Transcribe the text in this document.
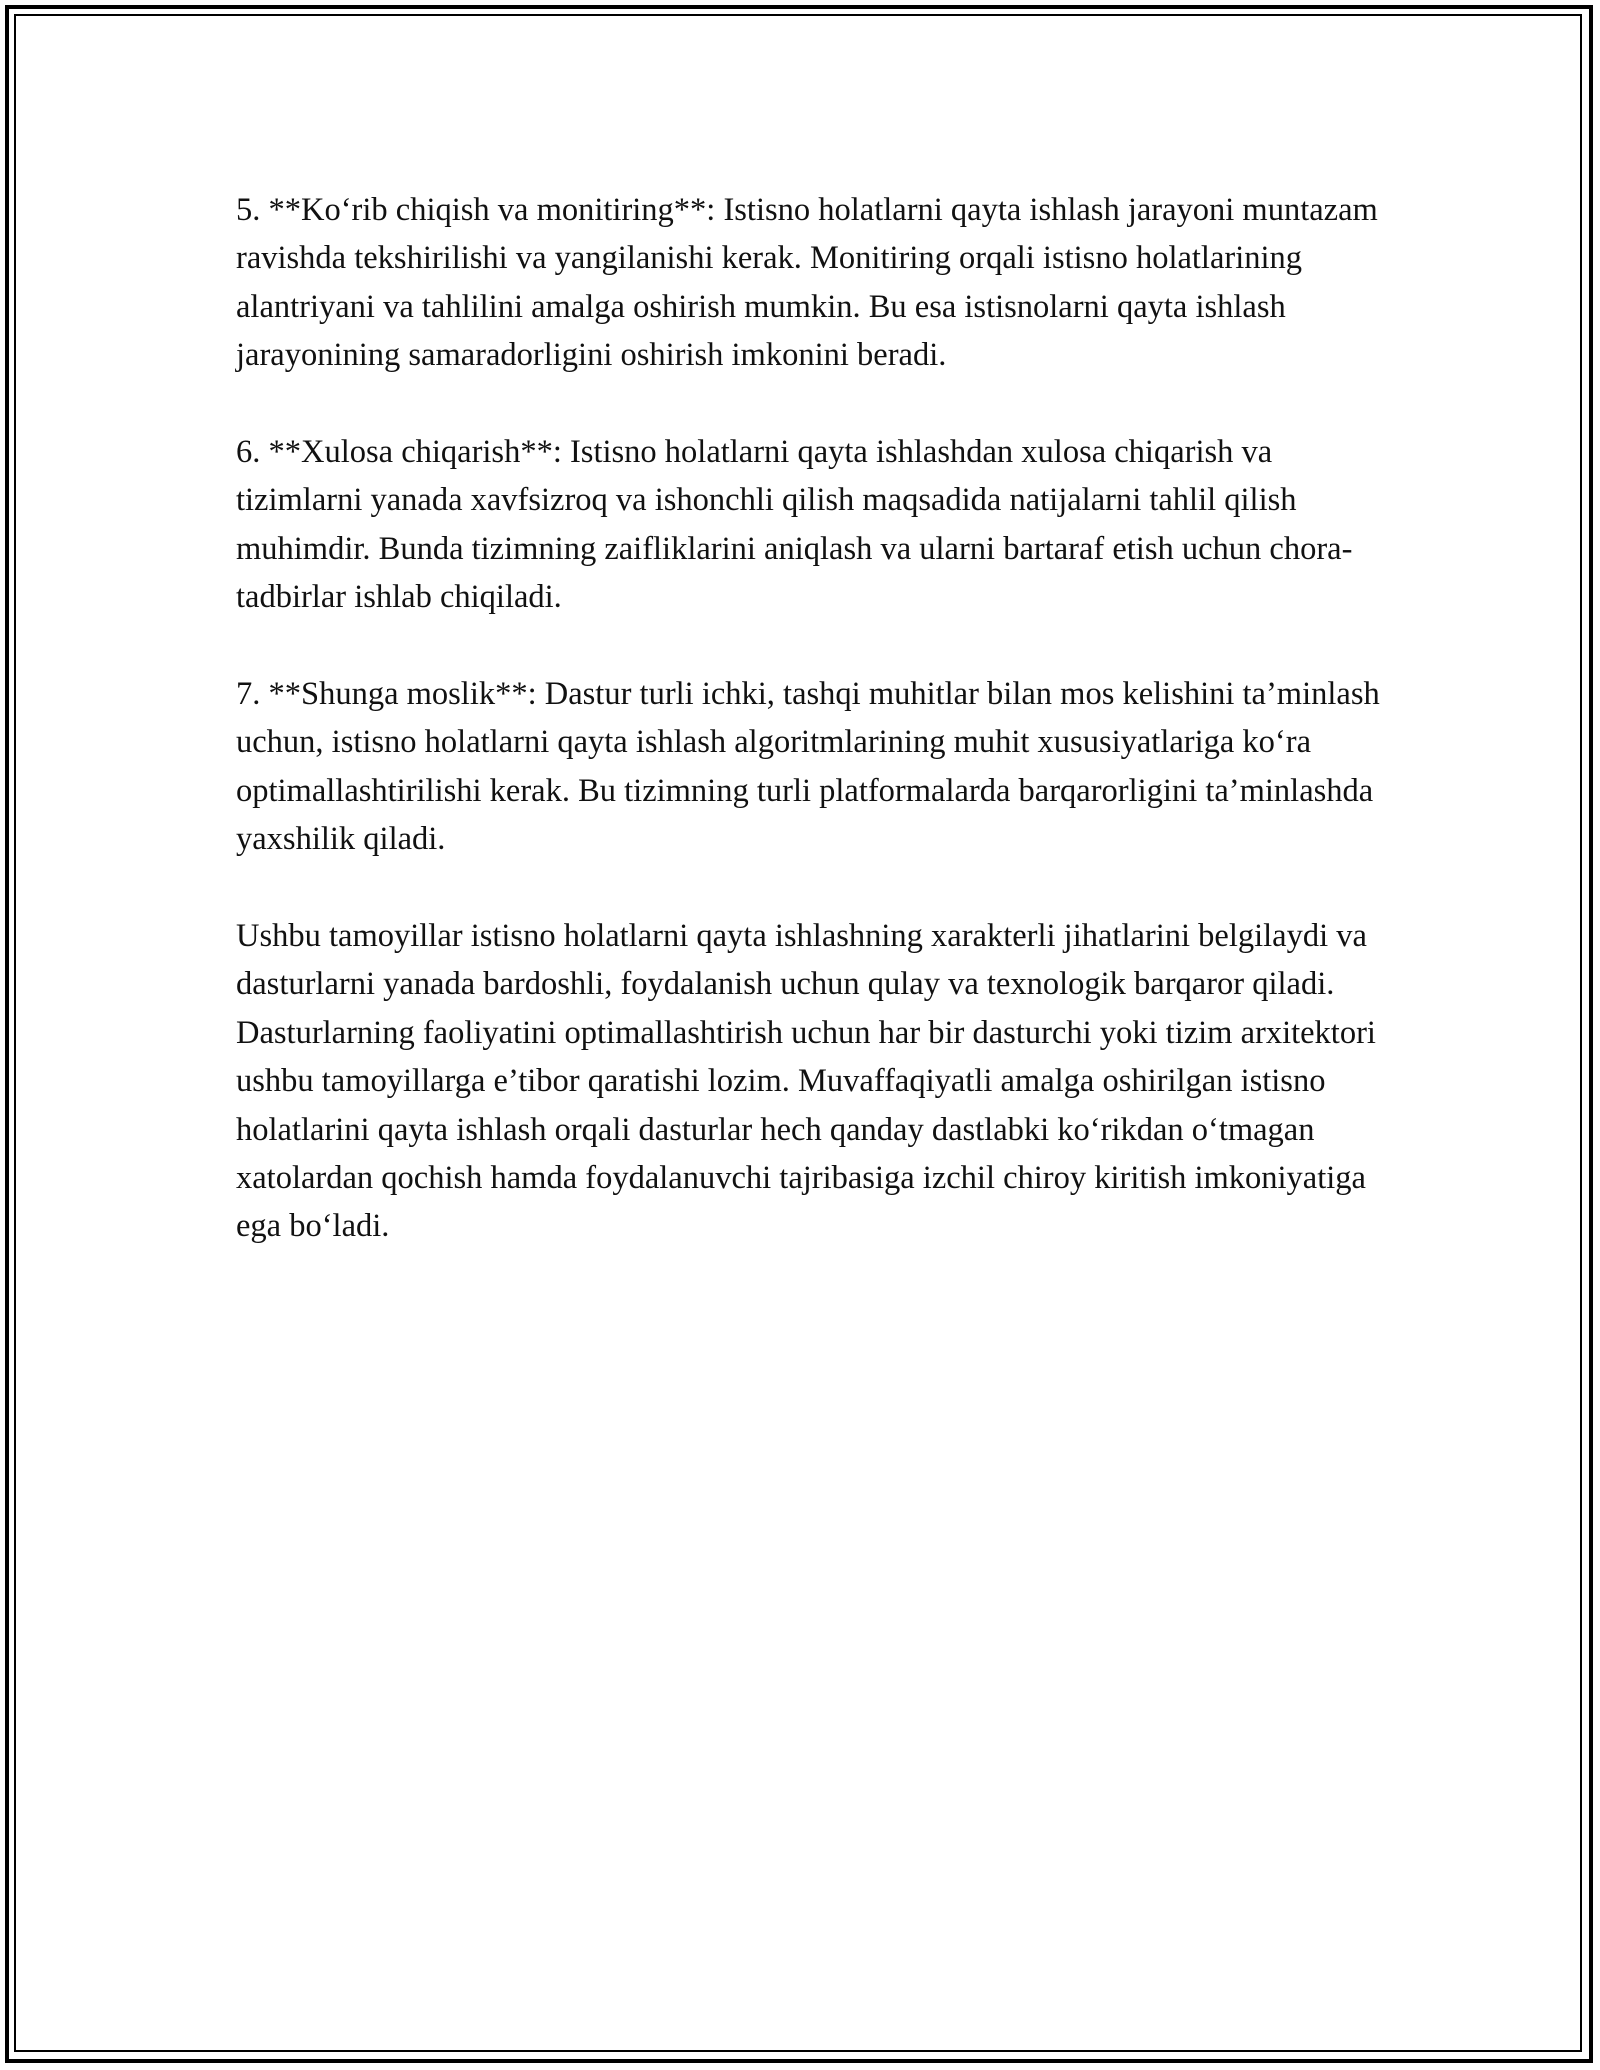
5. **Ko‘rib chiqish va monitiring**: Istisno holatlarni qayta ishlash jarayoni muntazam ravishda tekshirilishi va yangilanishi kerak. Monitiring orqali istisno holatlarining alantriyani va tahlilini amalga oshirish mumkin. Bu esa istisnolarni qayta ishlash jarayonining samaradorligini oshirish imkonini beradi.

6. **Xulosa chiqarish**: Istisno holatlarni qayta ishlashdan xulosa chiqarish va tizimlarni yanada xavfsizroq va ishonchli qilish maqsadida natijalarni tahlil qilish muhimdir. Bunda tizimning zaifliklarini aniqlash va ularni bartaraf etish uchun chora-tadbirlar ishlab chiqiladi.

7. **Shunga moslik**: Dastur turli ichki, tashqi muhitlar bilan mos kelishini ta’minlash uchun, istisno holatlarni qayta ishlash algoritmlarining muhit xususiyatlariga ko‘ra optimallashtirilishi kerak. Bu tizimning turli platformalarda barqarorligini ta’minlashda yaxshilik qiladi.

Ushbu tamoyillar istisno holatlarni qayta ishlashning xarakterli jihatlarini belgilaydi va dasturlarni yanada bardoshli, foydalanish uchun qulay va texnologik barqaror qiladi. Dasturlarning faoliyatini optimallashtirish uchun har bir dasturchi yoki tizim arxitektori ushbu tamoyillarga e’tibor qaratishi lozim. Muvaffaqiyatli amalga oshirilgan istisno holatlarini qayta ishlash orqali dasturlar hech qanday dastlabki ko‘rikdan o‘tmagan xatolardan qochish hamda foydalanuvchi tajribasiga izchil chiroy kiritish imkoniyatiga ega bo‘ladi.
